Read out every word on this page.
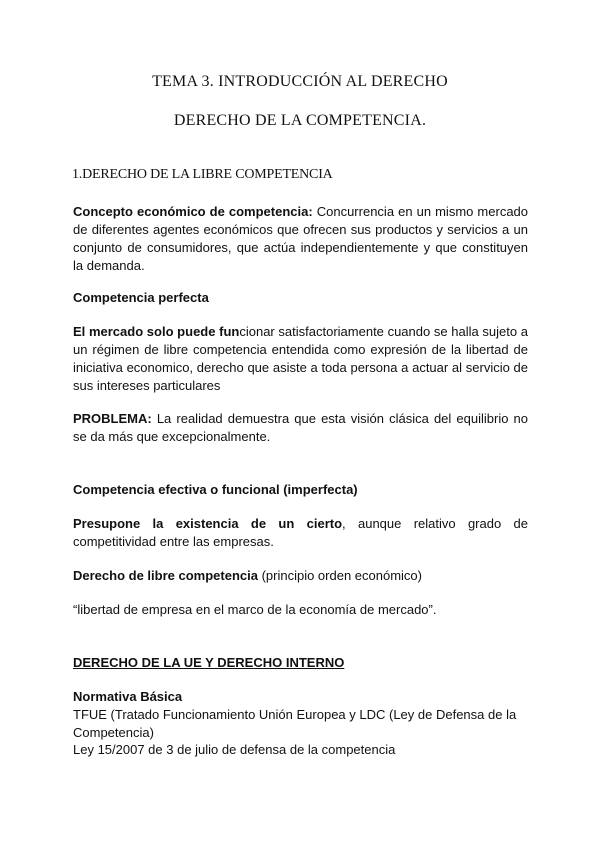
TEMA 3. INTRODUCCIÓN AL DERECHO
DERECHO DE LA COMPETENCIA.
1.DERECHO DE LA LIBRE COMPETENCIA

Concepto económico de competencia: Concurrencia en un mismo mercado de diferentes agentes económicos que ofrecen sus productos y servicios a un conjunto de consumidores, que actúa independientemente y que constituyen la demanda.

Competencia perfecta

El mercado solo puede funcionar satisfactoriamente cuando se halla sujeto a un régimen de libre competencia entendida como expresión de la libertad de iniciativa economico, derecho que asiste a toda persona a actuar al servicio de sus intereses particulares

PROBLEMA: La realidad demuestra que esta visión clásica del equilibrio no se da más que excepcionalmente.

Competencia efectiva o funcional (imperfecta)

Presupone la existencia de un cierto, aunque relativo grado de competitividad entre las empresas.

Derecho de libre competencia (principio orden económico)

“libertad de empresa en el marco de la economía de mercado”.

DERECHO DE LA UE Y DERECHO INTERNO

Normativa Básica

TFUE (Tratado Funcionamiento Unión Europea y LDC (Ley de Defensa de la Competencia)

Ley 15/2007 de 3 de julio de defensa de la competencia
